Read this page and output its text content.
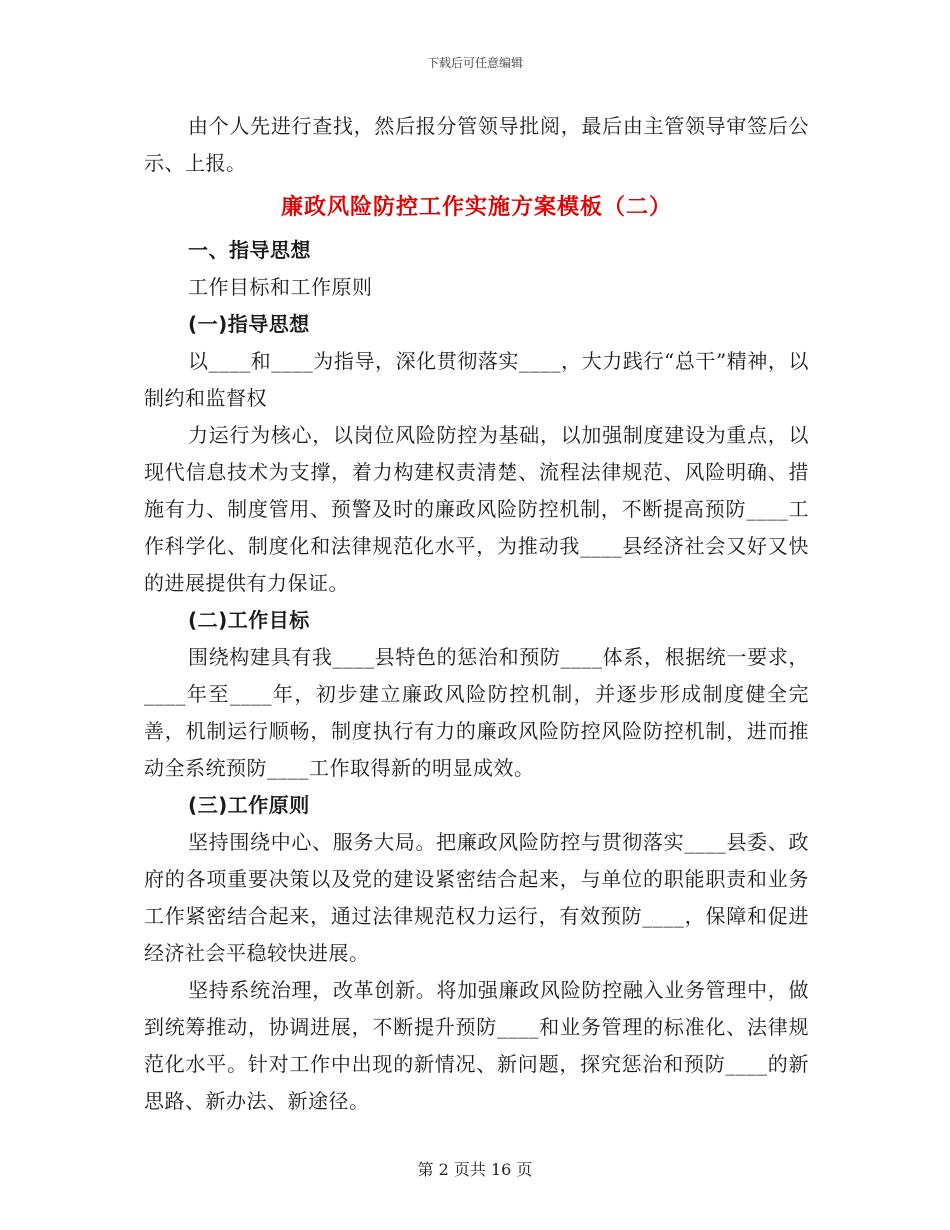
下载后可任意编辑

由个人先进行查找，然后报分管领导批阅，最后由主管领导审签后公示、上报。

廉政风险防控工作实施方案模板（二）

一、指导思想

工作目标和工作原则

(一)指导思想

以____和____为指导，深化贯彻落实____，大力践行“总干”精神，以制约和监督权

力运行为核心，以岗位风险防控为基础，以加强制度建设为重点，以现代信息技术为支撑，着力构建权责清楚、流程法律规范、风险明确、措施有力、制度管用、预警及时的廉政风险防控机制，不断提高预防____工作科学化、制度化和法律规范化水平，为推动我____县经济社会又好又快的进展提供有力保证。

(二)工作目标

围绕构建具有我____县特色的惩治和预防____体系，根据统一要求，____年至____年，初步建立廉政风险防控机制，并逐步形成制度健全完善，机制运行顺畅，制度执行有力的廉政风险防控风险防控机制，进而推动全系统预防____工作取得新的明显成效。

(三)工作原则

坚持围绕中心、服务大局。把廉政风险防控与贯彻落实____县委、政府的各项重要决策以及党的建设紧密结合起来，与单位的职能职责和业务工作紧密结合起来，通过法律规范权力运行，有效预防____，保障和促进经济社会平稳较快进展。

坚持系统治理，改革创新。将加强廉政风险防控融入业务管理中，做到统筹推动，协调进展，不断提升预防____和业务管理的标准化、法律规范化水平。针对工作中出现的新情况、新问题，探究惩治和预防____的新思路、新办法、新途径。

第 2 页共 16 页
